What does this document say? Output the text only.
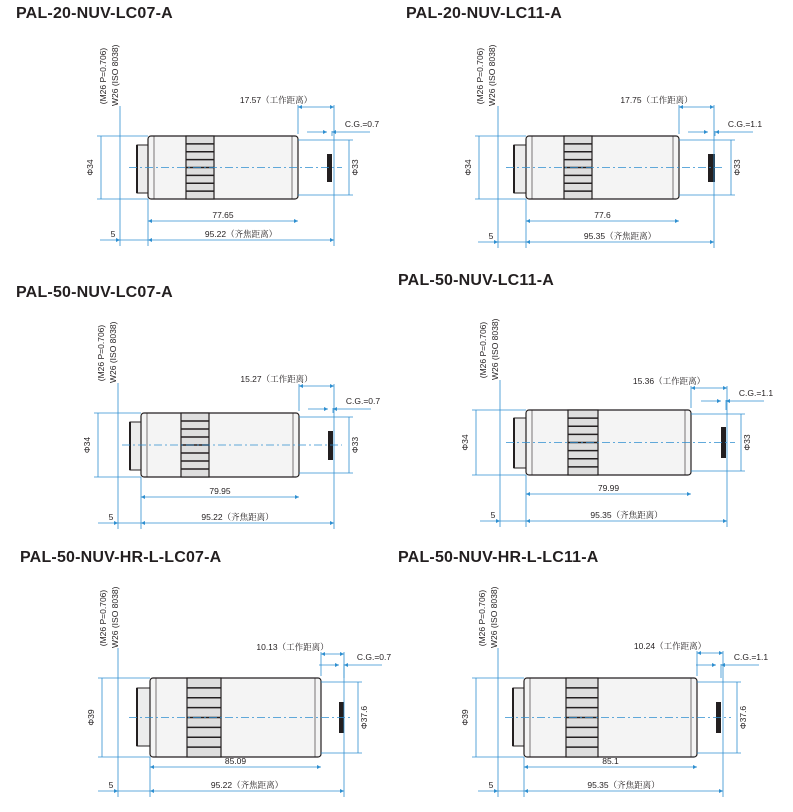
PAL-20-NUV-LC07-A	PAL-20-NUV-LC11-A
PAL-50-NUV-LC07-A
PAL-50-NUV-LC11-A
PAL-50-NUV-HR-L-LC07-A	PAL-50-NUV-HR-L-LC11-A
(M26 P=0.706) W26 (ISO 8038)
Φ34	Φ33
17.57（工作距离）
C.G.=0.7
77.65
5	95.22（齐焦距离）
(M26 P=0.706) W26 (ISO 8038)
Φ34	Φ33
17.75（工作距离）
C.G.=1.1
77.6
5	95.35（齐焦距离）
(M26 P=0.706) W26 (ISO 8038)
Φ34	Φ33
15.27（工作距离）
C.G.=0.7
79.95
5	95.22（齐焦距离）
(M26 P=0.706) W26 (ISO 8038)
Φ34	Φ33
15.36（工作距离）
C.G.=1.1
79.99
5	95.35（齐焦距离）
(M26 P=0.706) W26 (ISO 8038)
Φ39	Φ37.6
10.13（工作距离）
C.G.=0.7
85.09
5	95.22（齐焦距离）
(M26 P=0.706) W26 (ISO 8038)
Φ39	Φ37.6
10.24（工作距离）
C.G.=1.1
85.1
5	95.35（齐焦距离）
